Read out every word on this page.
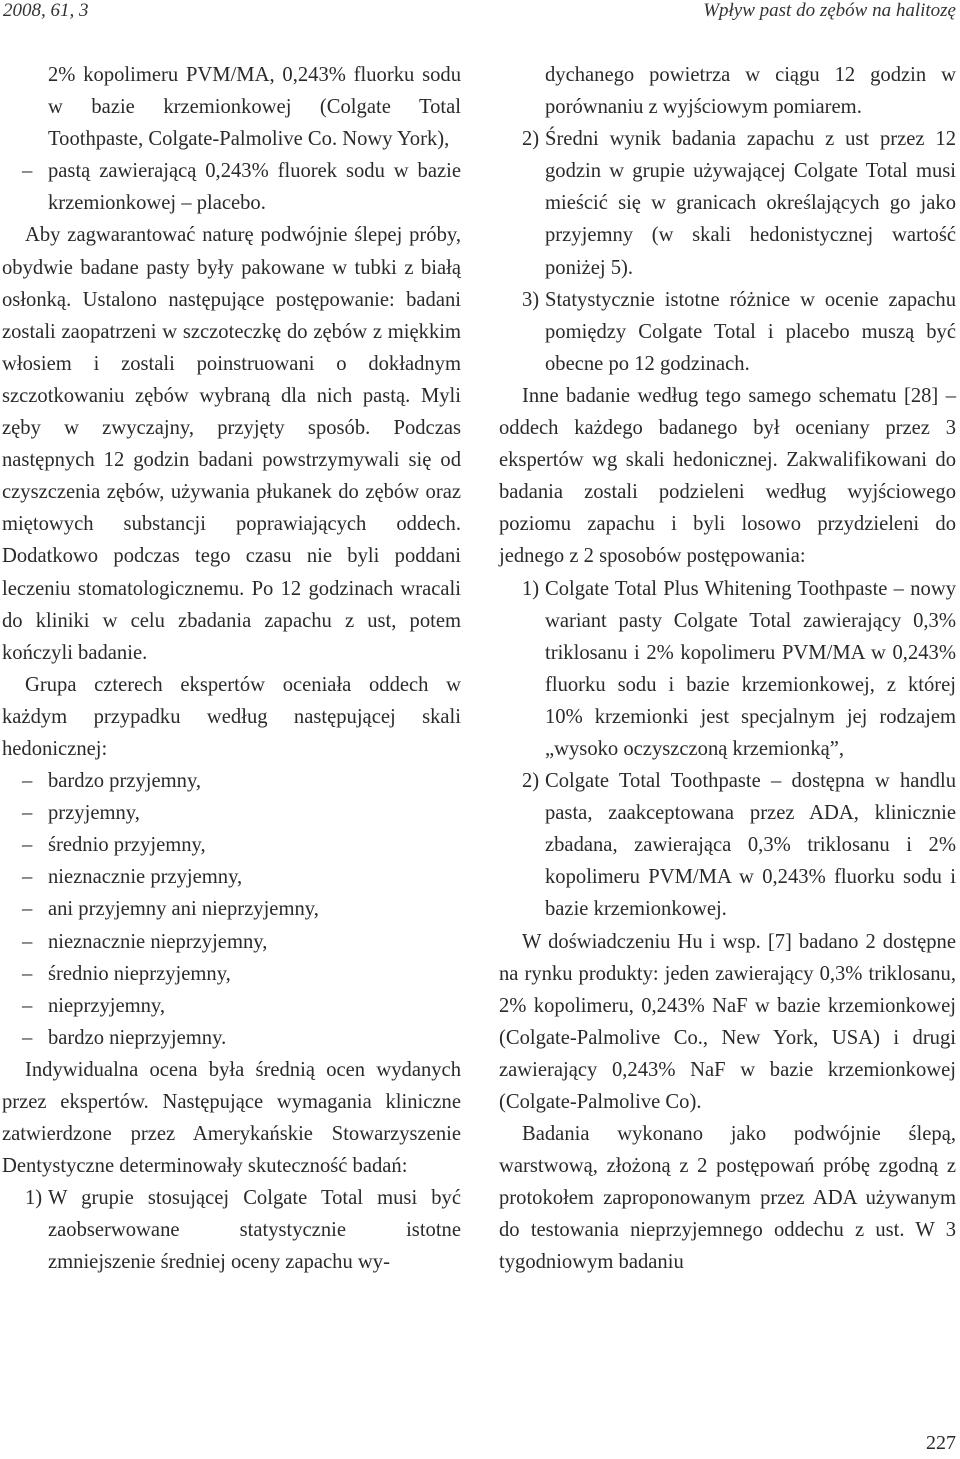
2008, 61, 3	Wpływ past do zębów na halitozę

2% kopolimeru PVM/MA, 0,243% fluorku sodu w bazie krzemionkowej (Colgate Total Toothpaste, Colgate-Palmolive Co. Nowy York),

– pastą zawierającą 0,243% fluorek sodu w bazie krzemionkowej – placebo.

Aby zagwarantować naturę podwójnie ślepej próby, obydwie badane pasty były pakowane w tubki z białą osłonką. Ustalono następujące postępowanie: badani zostali zaopatrzeni w szczoteczkę do zębów z miękkim włosiem i zostali poinstruowani o dokładnym szczotkowaniu zębów wybraną dla nich pastą. Myli zęby w zwyczajny, przyjęty sposób. Podczas następnych 12 godzin badani powstrzymywali się od czyszczenia zębów, używania płukanek do zębów oraz miętowych substancji poprawiających oddech. Dodatkowo podczas tego czasu nie byli poddani leczeniu stomatologicznemu. Po 12 godzinach wracali do kliniki w celu zbadania zapachu z ust, potem kończyli badanie.

Grupa czterech ekspertów oceniała oddech w każdym przypadku według następującej skali hedonicznej:

– bardzo przyjemny,

– przyjemny,

– średnio przyjemny,

– nieznacznie przyjemny,

– ani przyjemny ani nieprzyjemny,

– nieznacznie nieprzyjemny,

– średnio nieprzyjemny,

– nieprzyjemny,

– bardzo nieprzyjemny.

Indywidualna ocena była średnią ocen wydanych przez ekspertów. Następujące wymagania kliniczne zatwierdzone przez Amerykańskie Stowarzyszenie Dentystyczne determinowały skuteczność badań:

1) W grupie stosującej Colgate Total musi być zaobserwowane statystycznie istotne zmniejszenie średniej oceny zapachu wy-

dychanego powietrza w ciągu 12 godzin w porównaniu z wyjściowym pomiarem.

2) Średni wynik badania zapachu z ust przez 12 godzin w grupie używającej Colgate Total musi mieścić się w granicach określających go jako przyjemny (w skali hedonistycznej wartość poniżej 5).

3) Statystycznie istotne różnice w ocenie zapachu pomiędzy Colgate Total i placebo muszą być obecne po 12 godzinach.

Inne badanie według tego samego schematu [28] – oddech każdego badanego był oceniany przez 3 ekspertów wg skali hedonicznej. Zakwalifikowani do badania zostali podzieleni według wyjściowego poziomu zapachu i byli losowo przydzieleni do jednego z 2 sposobów postępowania:

1) Colgate Total Plus Whitening Toothpaste – nowy wariant pasty Colgate Total zawierający 0,3% triklosanu i 2% kopolimeru PVM/MA w 0,243% fluorku sodu i bazie krzemionkowej, z której 10% krzemionki jest specjalnym jej rodzajem „wysoko oczyszczoną krzemionką”,

2) Colgate Total Toothpaste – dostępna w handlu pasta, zaakceptowana przez ADA, klinicznie zbadana, zawierająca 0,3% triklosanu i 2% kopolimeru PVM/MA w 0,243% fluorku sodu i bazie krzemionkowej.

W doświadczeniu Hu i wsp. [7] badano 2 dostępne na rynku produkty: jeden zawierający 0,3% triklosanu, 2% kopolimeru, 0,243% NaF w bazie krzemionkowej (Colgate-Palmolive Co., New York, USA) i drugi zawierający 0,243% NaF w bazie krzemionkowej (Colgate-Palmolive Co).

Badania wykonano jako podwójnie ślepą, warstwową, złożoną z 2 postępowań próbę zgodną z protokołem zaproponowanym przez ADA używanym do testowania nieprzyjemnego oddechu z ust. W 3 tygodniowym badaniu

227
